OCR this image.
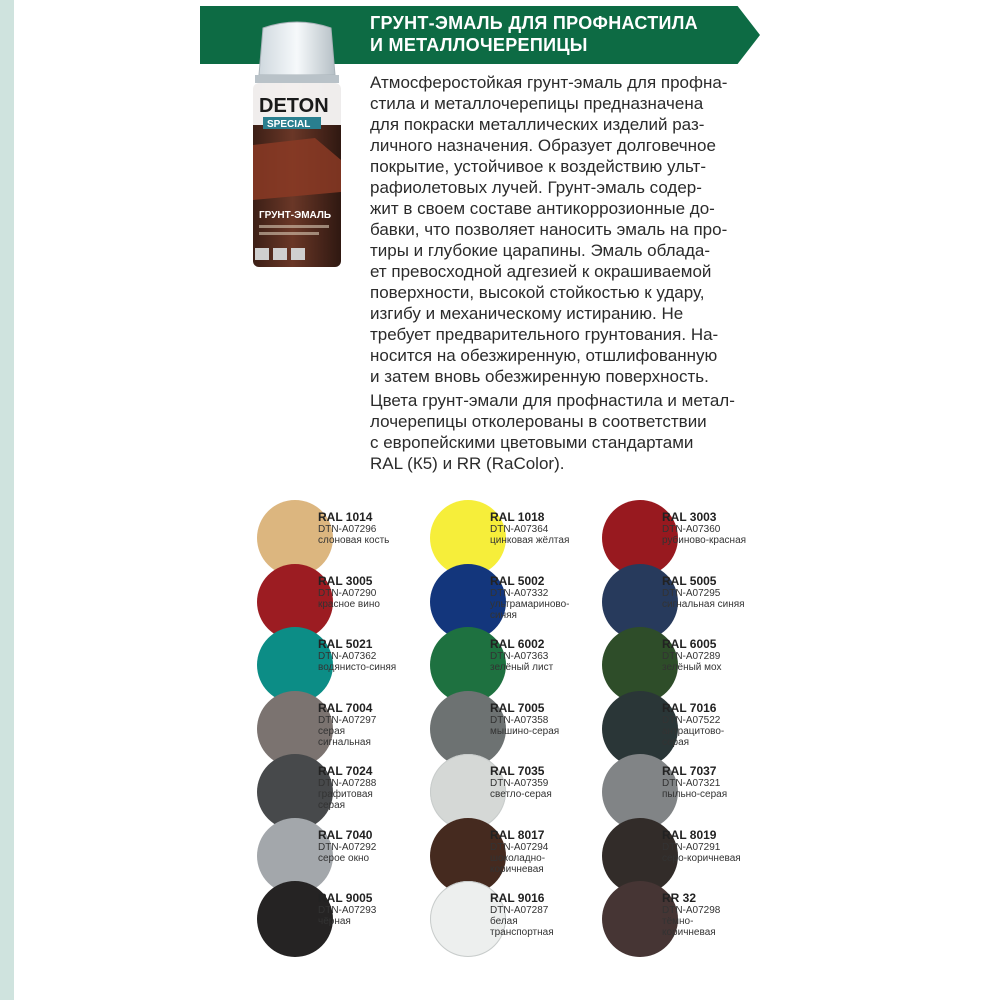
ГРУНТ-ЭМАЛЬ ДЛЯ ПРОФНАСТИЛА
И МЕТАЛЛОЧЕРЕПИЦЫ
DETON
SPECIAL
ГРУНТ-ЭМАЛЬ

Атмосферостойкая грунт-эмаль для профна-
стила и металлочерепицы предназначена
для покраски металлических изделий раз-
личного назначения. Образует долговечное
покрытие, устойчивое к воздействию ульт-
рафиолетовых лучей. Грунт-эмаль содер-
жит в своем составе антикоррозионные до-
бавки, что позволяет наносить эмаль на про-
тиры и глубокие царапины. Эмаль облада-
ет превосходной адгезией к окрашиваемой
поверхности, высокой стойкостью к удару,
изгибу и механическому истиранию. Не
требует предварительного грунтования. На-
носится на обезжиренную, отшлифованную
и затем вновь обезжиренную поверхность.

Цвета грунт-эмали для профнастила и метал-
лочерепицы отколерованы в соответствии
с европейскими цветовыми стандартами
RAL (К5) и RR (RaColor).

RAL 1014
DTN-A07296
слоновая кость
RAL 1018
DTN-A07364
цинковая жёлтая
RAL 3003
DTN-A07360
рубиново-красная
RAL 3005
DTN-A07290
красное вино
RAL 5002
DTN-A07332
ультрамариново-
синяя
RAL 5005
DTN-A07295
сигнальная синяя
RAL 5021
DTN-A07362
водянисто-синяя
RAL 6002
DTN-A07363
зелёный лист
RAL 6005
DTN-A07289
зелёный мох
RAL 7004
DTN-A07297
серая
сигнальная
RAL 7005
DTN-A07358
мышино-серая
RAL 7016
DTN-A07522
антрацитово-
серая
RAL 7024
DTN-A07288
графитовая
серая
RAL 7035
DTN-A07359
светло-серая
RAL 7037
DTN-A07321
пыльно-серая
RAL 7040
DTN-A07292
серое окно
RAL 8017
DTN-A07294
шоколадно-
коричневая
RAL 8019
DTN-A07291
серо-коричневая
RAL 9005
DTN-A07293
чёрная
RAL 9016
DTN-A07287
белая
транспортная
RR 32
DTN-A07298
тёмно-
коричневая
